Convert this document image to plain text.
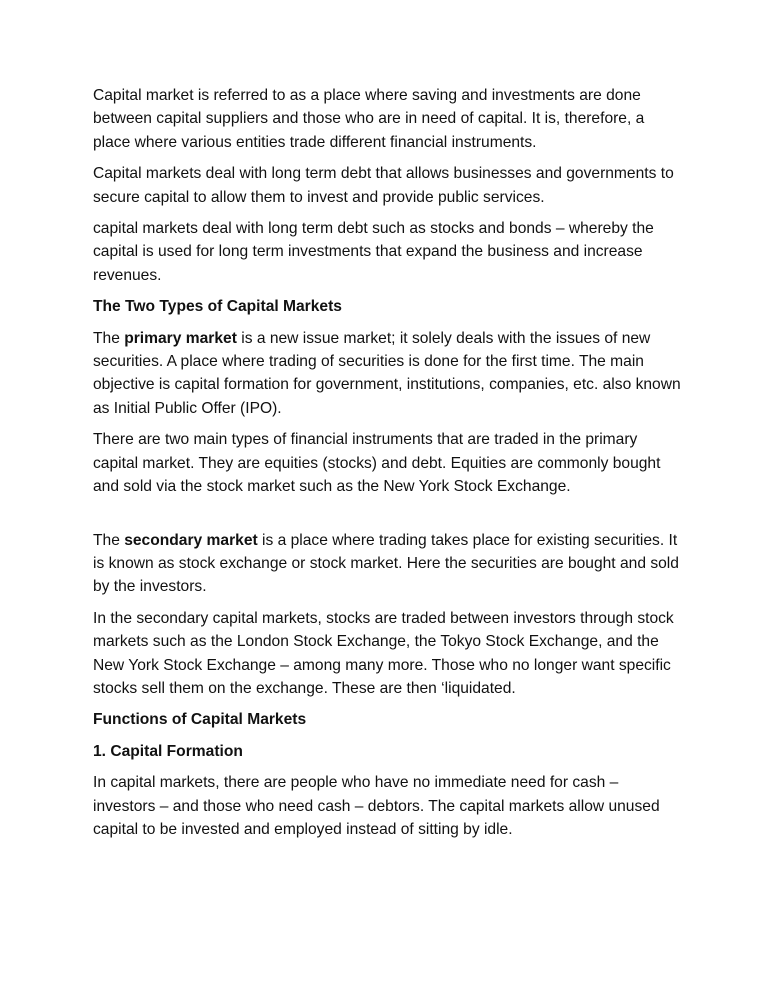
Capital market is referred to as a place where saving and investments are done between capital suppliers and those who are in need of capital. It is, therefore, a place where various entities trade different financial instruments.

Capital markets deal with long term debt that allows businesses and governments to secure capital to allow them to invest and provide public services.

capital markets deal with long term debt such as stocks and bonds – whereby the capital is used for long term investments that expand the business and increase revenues.

The Two Types of Capital Markets

The primary market is a new issue market; it solely deals with the issues of new securities. A place where trading of securities is done for the first time. The main objective is capital formation for government, institutions, companies, etc. also known as Initial Public Offer (IPO).

There are two main types of financial instruments that are traded in the primary capital market. They are equities (stocks) and debt. Equities are commonly bought and sold via the stock market such as the New York Stock Exchange.

The secondary market is a place where trading takes place for existing securities. It is known as stock exchange or stock market. Here the securities are bought and sold by the investors.

In the secondary capital markets, stocks are traded between investors through stock markets such as the London Stock Exchange, the Tokyo Stock Exchange, and the New York Stock Exchange – among many more. Those who no longer want specific stocks sell them on the exchange. These are then ‘liquidated.

Functions of Capital Markets

1. Capital Formation

In capital markets, there are people who have no immediate need for cash – investors – and those who need cash – debtors. The capital markets allow unused capital to be invested and employed instead of sitting by idle.
